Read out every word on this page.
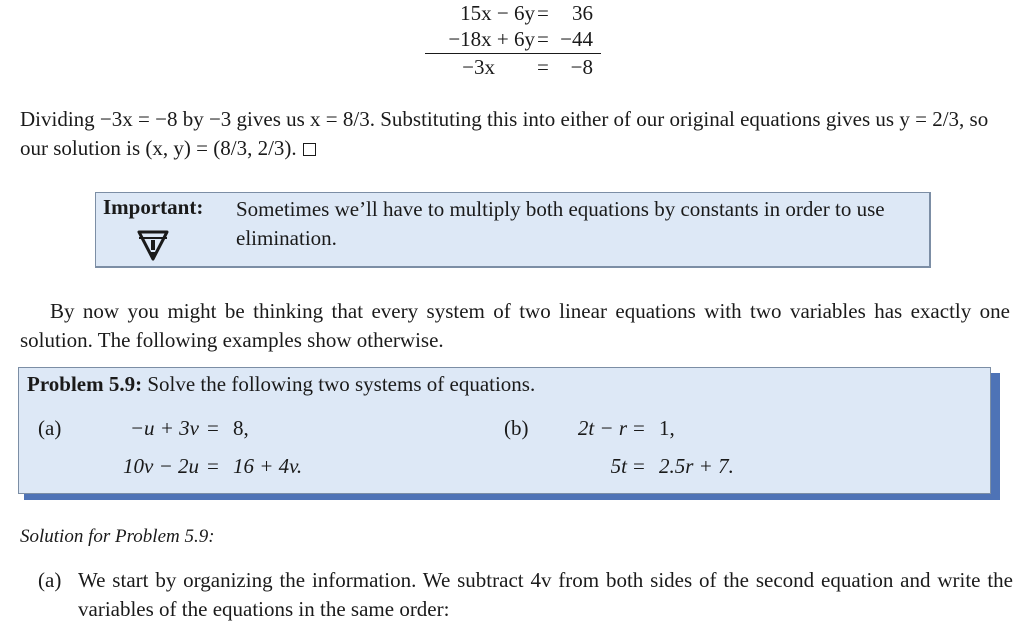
15x − 6y = 36
−18x + 6y = −44
−3x = −8

Dividing −3x = −8 by −3 gives us x = 8/3. Substituting this into either of our original equations gives us y = 2/3, so our solution is (x, y) = (8/3, 2/3).

Important: Sometimes we’ll have to multiply both equations by constants in order to use elimination.

By now you might be thinking that every system of two linear equations with two variables has exactly one solution. The following examples show otherwise.

Problem 5.9: Solve the following two systems of equations.
(a)	−u + 3v = 8,
10v − 2u = 16 + 4v.
(b) 2t − r = 1,
5t = 2.5r + 7.
Solution for Problem 5.9:
(a) We start by organizing the information. We subtract 4v from both sides of the second equation and write the variables of the equations in the same order:
